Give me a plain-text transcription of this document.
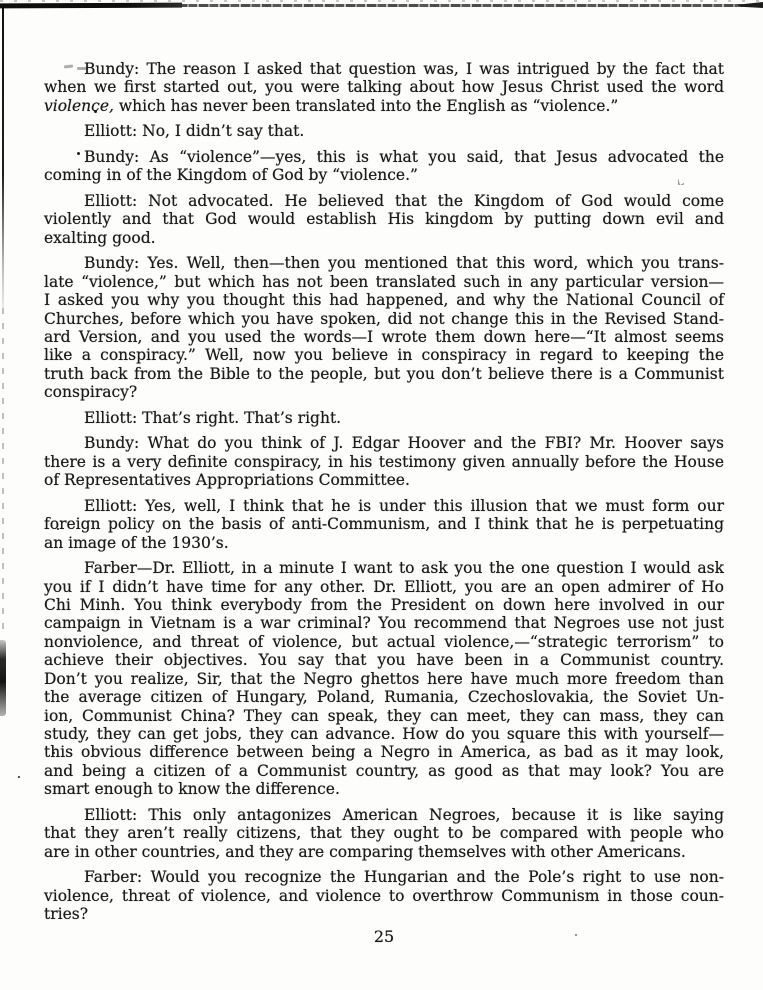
Bundy: The reason I asked that question was, I was intrigued by the fact that
when we first started out, you were talking about how Jesus Christ used the word
violence, which has never been translated into the English as “violence.”
Elliott: No, I didn’t say that.
Bundy: As “violence”—yes, this is what you said, that Jesus advocated the
coming in of the Kingdom of God by “violence.”
Elliott: Not advocated. He believed that the Kingdom of God would come
violently and that God would establish His kingdom by putting down evil and
exalting good.
Bundy: Yes. Well, then—then you mentioned that this word, which you trans-
late “violence,” but which has not been translated such in any particular version—
I asked you why you thought this had happened, and why the National Council of
Churches, before which you have spoken, did not change this in the Revised Stand-
ard Version, and you used the words—I wrote them down here—“It almost seems
like a conspiracy.” Well, now you believe in conspiracy in regard to keeping the
truth back from the Bible to the people, but you don’t believe there is a Communist
conspiracy?
Elliott: That’s right. That’s right.
Bundy: What do you think of J. Edgar Hoover and the FBI? Mr. Hoover says
there is a very definite conspiracy, in his testimony given annually before the House
of Representatives Appropriations Committee.
Elliott: Yes, well, I think that he is under this illusion that we must form our
foreign policy on the basis of anti-Communism, and I think that he is perpetuating
an image of the 1930’s.
Farber—Dr. Elliott, in a minute I want to ask you the one question I would ask
you if I didn’t have time for any other. Dr. Elliott, you are an open admirer of Ho
Chi Minh. You think everybody from the President on down here involved in our
campaign in Vietnam is a war criminal? You recommend that Negroes use not just
nonviolence, and threat of violence, but actual violence,—“strategic terrorism” to
achieve their objectives. You say that you have been in a Communist country.
Don’t you realize, Sir, that the Negro ghettos here have much more freedom than
the average citizen of Hungary, Poland, Rumania, Czechoslovakia, the Soviet Un-
ion, Communist China? They can speak, they can meet, they can mass, they can
study, they can get jobs, they can advance. How do you square this with yourself—
this obvious difference between being a Negro in America, as bad as it may look,
and being a citizen of a Communist country, as good as that may look? You are
smart enough to know the difference.
Elliott: This only antagonizes American Negroes, because it is like saying
that they aren’t really citizens, that they ought to be compared with people who
are in other countries, and they are comparing themselves with other Americans.
Farber: Would you recognize the Hungarian and the Pole’s right to use non-
violence, threat of violence, and violence to overthrow Communism in those coun-
tries?
25
